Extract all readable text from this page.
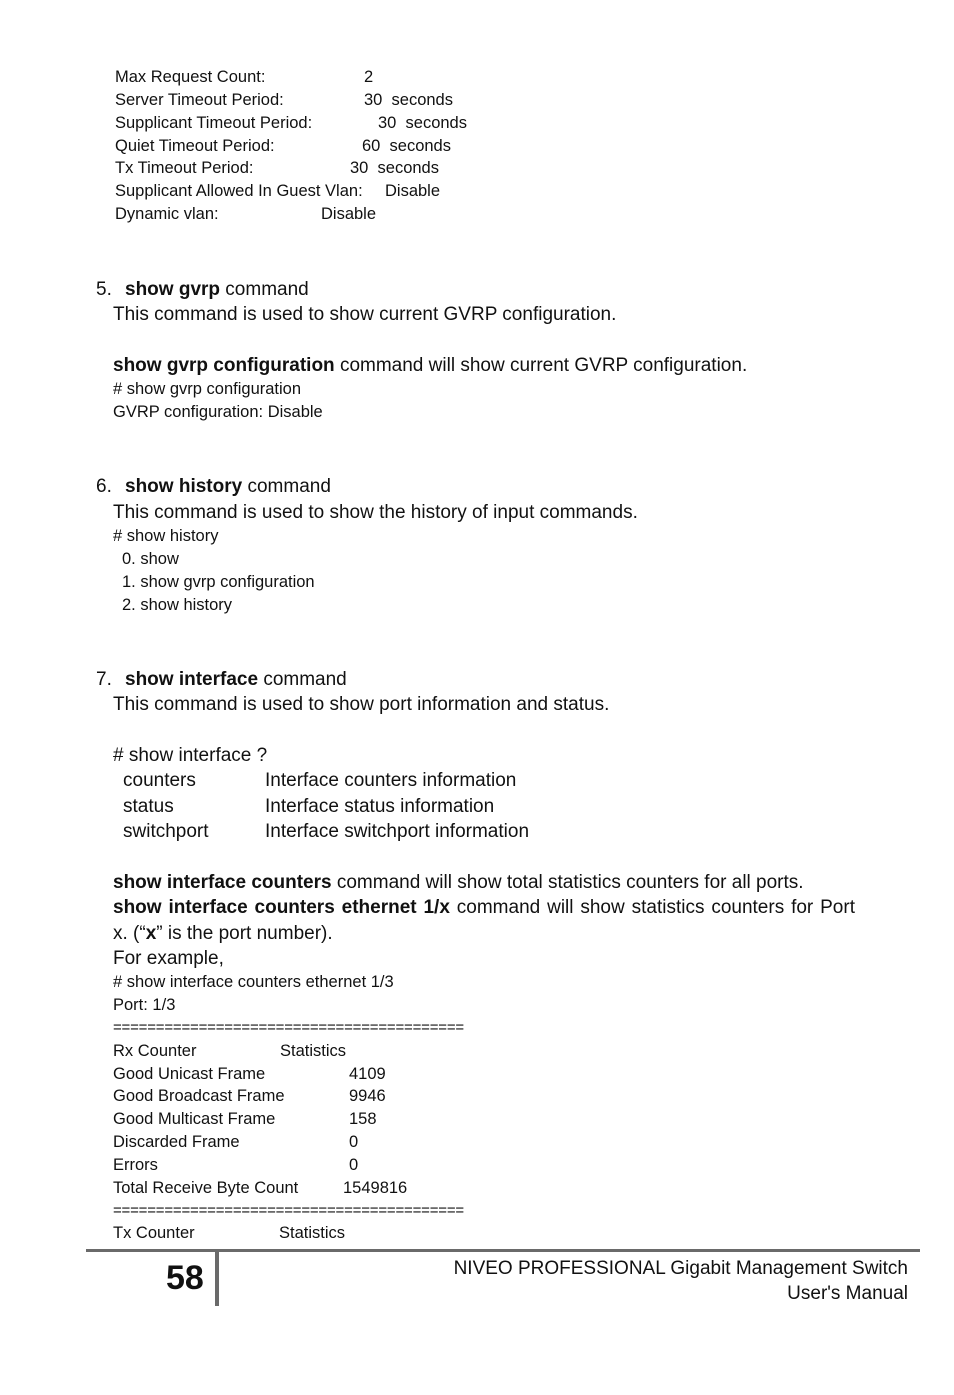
Max Request Count:	2
Server Timeout Period:	30  seconds
Supplicant Timeout Period:	30  seconds
Quiet Timeout Period:	60  seconds
Tx Timeout Period:	30  seconds
Supplicant Allowed In Guest Vlan: Disable
Dynamic vlan:	Disable
5. show gvrp command
This command is used to show current GVRP configuration.
show gvrp configuration command will show current GVRP configuration.
# show gvrp configuration
GVRP configuration: Disable
6. show history command
This command is used to show the history of input commands.
# show history
0. show
1. show gvrp configuration
2. show history
7. show interface command
This command is used to show port information and status.
# show interface ?
counters	Interface counters information
status	Interface status information
switchport	Interface switchport information
show interface counters command will show total statistics counters for all ports.
show interface counters ethernet 1/x command will show statistics counters for Port
x. (“x” is the port number).
For example,
# show interface counters ethernet 1/3
Port: 1/3
=========================================
Rx Counter	Statistics
Good Unicast Frame	4109
Good Broadcast Frame	9946
Good Multicast Frame	158
Discarded Frame	0
Errors	0
Total Receive Byte Count	1549816
=========================================
Tx Counter	Statistics
58	NIVEO PROFESSIONAL Gigabit Management Switch
User's Manual
